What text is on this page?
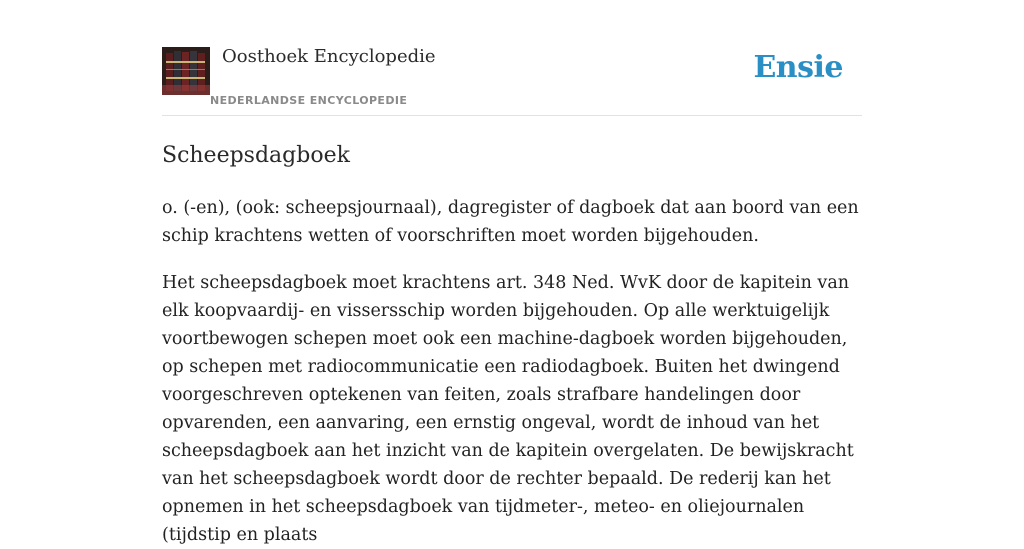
Oosthoek Encyclopedie
NEDERLANDSE ENCYCLOPEDIE
Ensie
Scheepsdagboek

o. (-en), (ook: scheepsjournaal), dagregister of dagboek dat aan boord van een schip krachtens wetten of voorschriften moet worden bijgehouden.

Het scheepsdagboek moet krachtens art. 348 Ned. WvK door de kapitein van elk koopvaardij- en vissersschip worden bijgehouden. Op alle werktuigelijk voortbewogen schepen moet ook een machine-dagboek worden bijgehouden, op schepen met radiocommunicatie een radiodagboek. Buiten het dwingend voorgeschreven optekenen van feiten, zoals strafbare handelingen door opvarenden, een aanvaring, een ernstig ongeval, wordt de inhoud van het scheepsdagboek aan het inzicht van de kapitein overgelaten. De bewijskracht van het scheepsdagboek wordt door de rechter bepaald. De rederij kan het opnemen in het scheepsdagboek van tijdmeter-, meteo- en oliejournalen (tijdstip en plaats
